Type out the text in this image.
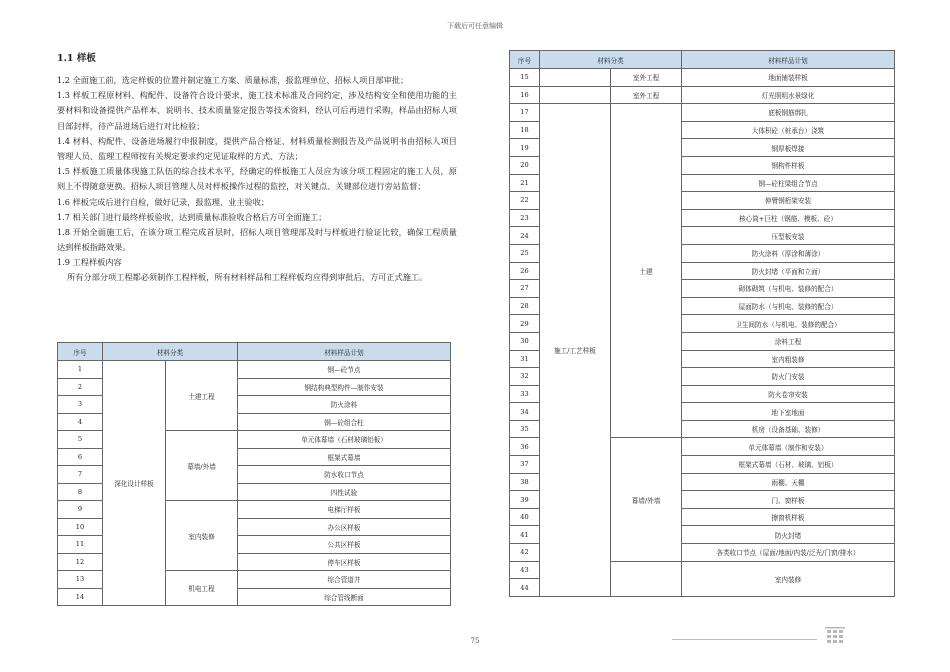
下载后可任意编辑
1.1 样板

1.2 全面施工前，选定样板的位置并制定施工方案、质量标准，报监理单位、招标人项目部审批；

1.3 样板工程原材料、构配件、设备符合设计要求，施工技术标准及合同约定，涉及结构安全和使用功能的主要材料和设备提供产品样本、说明书、技术质量鉴定报告等技术资料，经认可后再进行采购，样品由招标人项目部封样，待产品进场后进行对比检验；

1.4 材料、构配件、设备进场履行申报制度，提供产品合格证、材料质量检测报告及产品说明书由招标人项目管理人员、监理工程师按有关规定要求约定见证取样的方式、方法；

1.5 样板施工质量体现施工队伍的综合技术水平，经确定的样板施工人员应为该分项工程固定的施工人员，原则上不得随意更换。招标人项目管理人员对样板操作过程的监控，对关键点、关键部位进行旁站监督；

1.6 样板完成后进行自检，做好记录，报监理、业主验收；

1.7 相关部门进行最终样板验收，达到质量标准验收合格后方可全面施工；

1.8 开始全面施工后，在该分项工程完成首层时，招标人项目管理部及时与样板进行验证比较，确保工程质量达到样板指路效果。

1.9 工程样板内容

所有分部分项工程都必须制作工程样板，所有材料样品和工程样板均应得到审批后，方可正式施工。

序号	材料分类		材料样品计划
1	深化设计样板	土建工程	钢—砼节点
2			钢结构典型构件—制作安装
3			防火涂料
4			钢—砼组合柱
5		幕墙/外墙	单元体幕墙（石材玻璃铝板）
6			框架式幕墙
7			防水收口节点
8			四性试验
9		室内装修	电梯厅样板
10			办公区样板
11			公共区样板
12			停车区样板
13		机电工程	综合管道井
14			综合管线断面
序号	材料分类		材料样品计划	
15		室外工程	地面铺装样板	
16		室外工程	灯光照明水景绿化	
17	施工/工艺样板	土建	底板钢筋绑扎	
18			大体积砼（桩承台）浇筑	
19			钢厚板焊接	
20			钢构件样板	
21			钢—砼柱梁组合节点	
22			伸臂钢桁架安装	
23			核心筒+巨柱（钢筋、模板、砼）	
24			压型板安装	
25			防火涂料（厚涂和薄涂）	
26			防火封堵（平面和立面）	
27			砌体砌筑（与机电、装修的配合）	
28			屋面防水（与机电、装修的配合）	
29			卫生间防水（与机电、装修的配合）	
30			涂料工程	
31			室内粗装修	
32			防火门安装	
33			防火卷帘安装	
34			地下室地面	
35			机房（设备基础、装修）	
36		幕墙/外墙	单元体幕墙（制作和安装）	
37			框架式幕墙（石材、玻璃、铝板）	
38			雨棚、天棚	
39			门、窗样板	
40			擦窗机样板	
41			防火封堵	
42			各类收口节点（屋面/地面/内装/泛光/门窗/排水）	
43			室内装修	
44	
75
